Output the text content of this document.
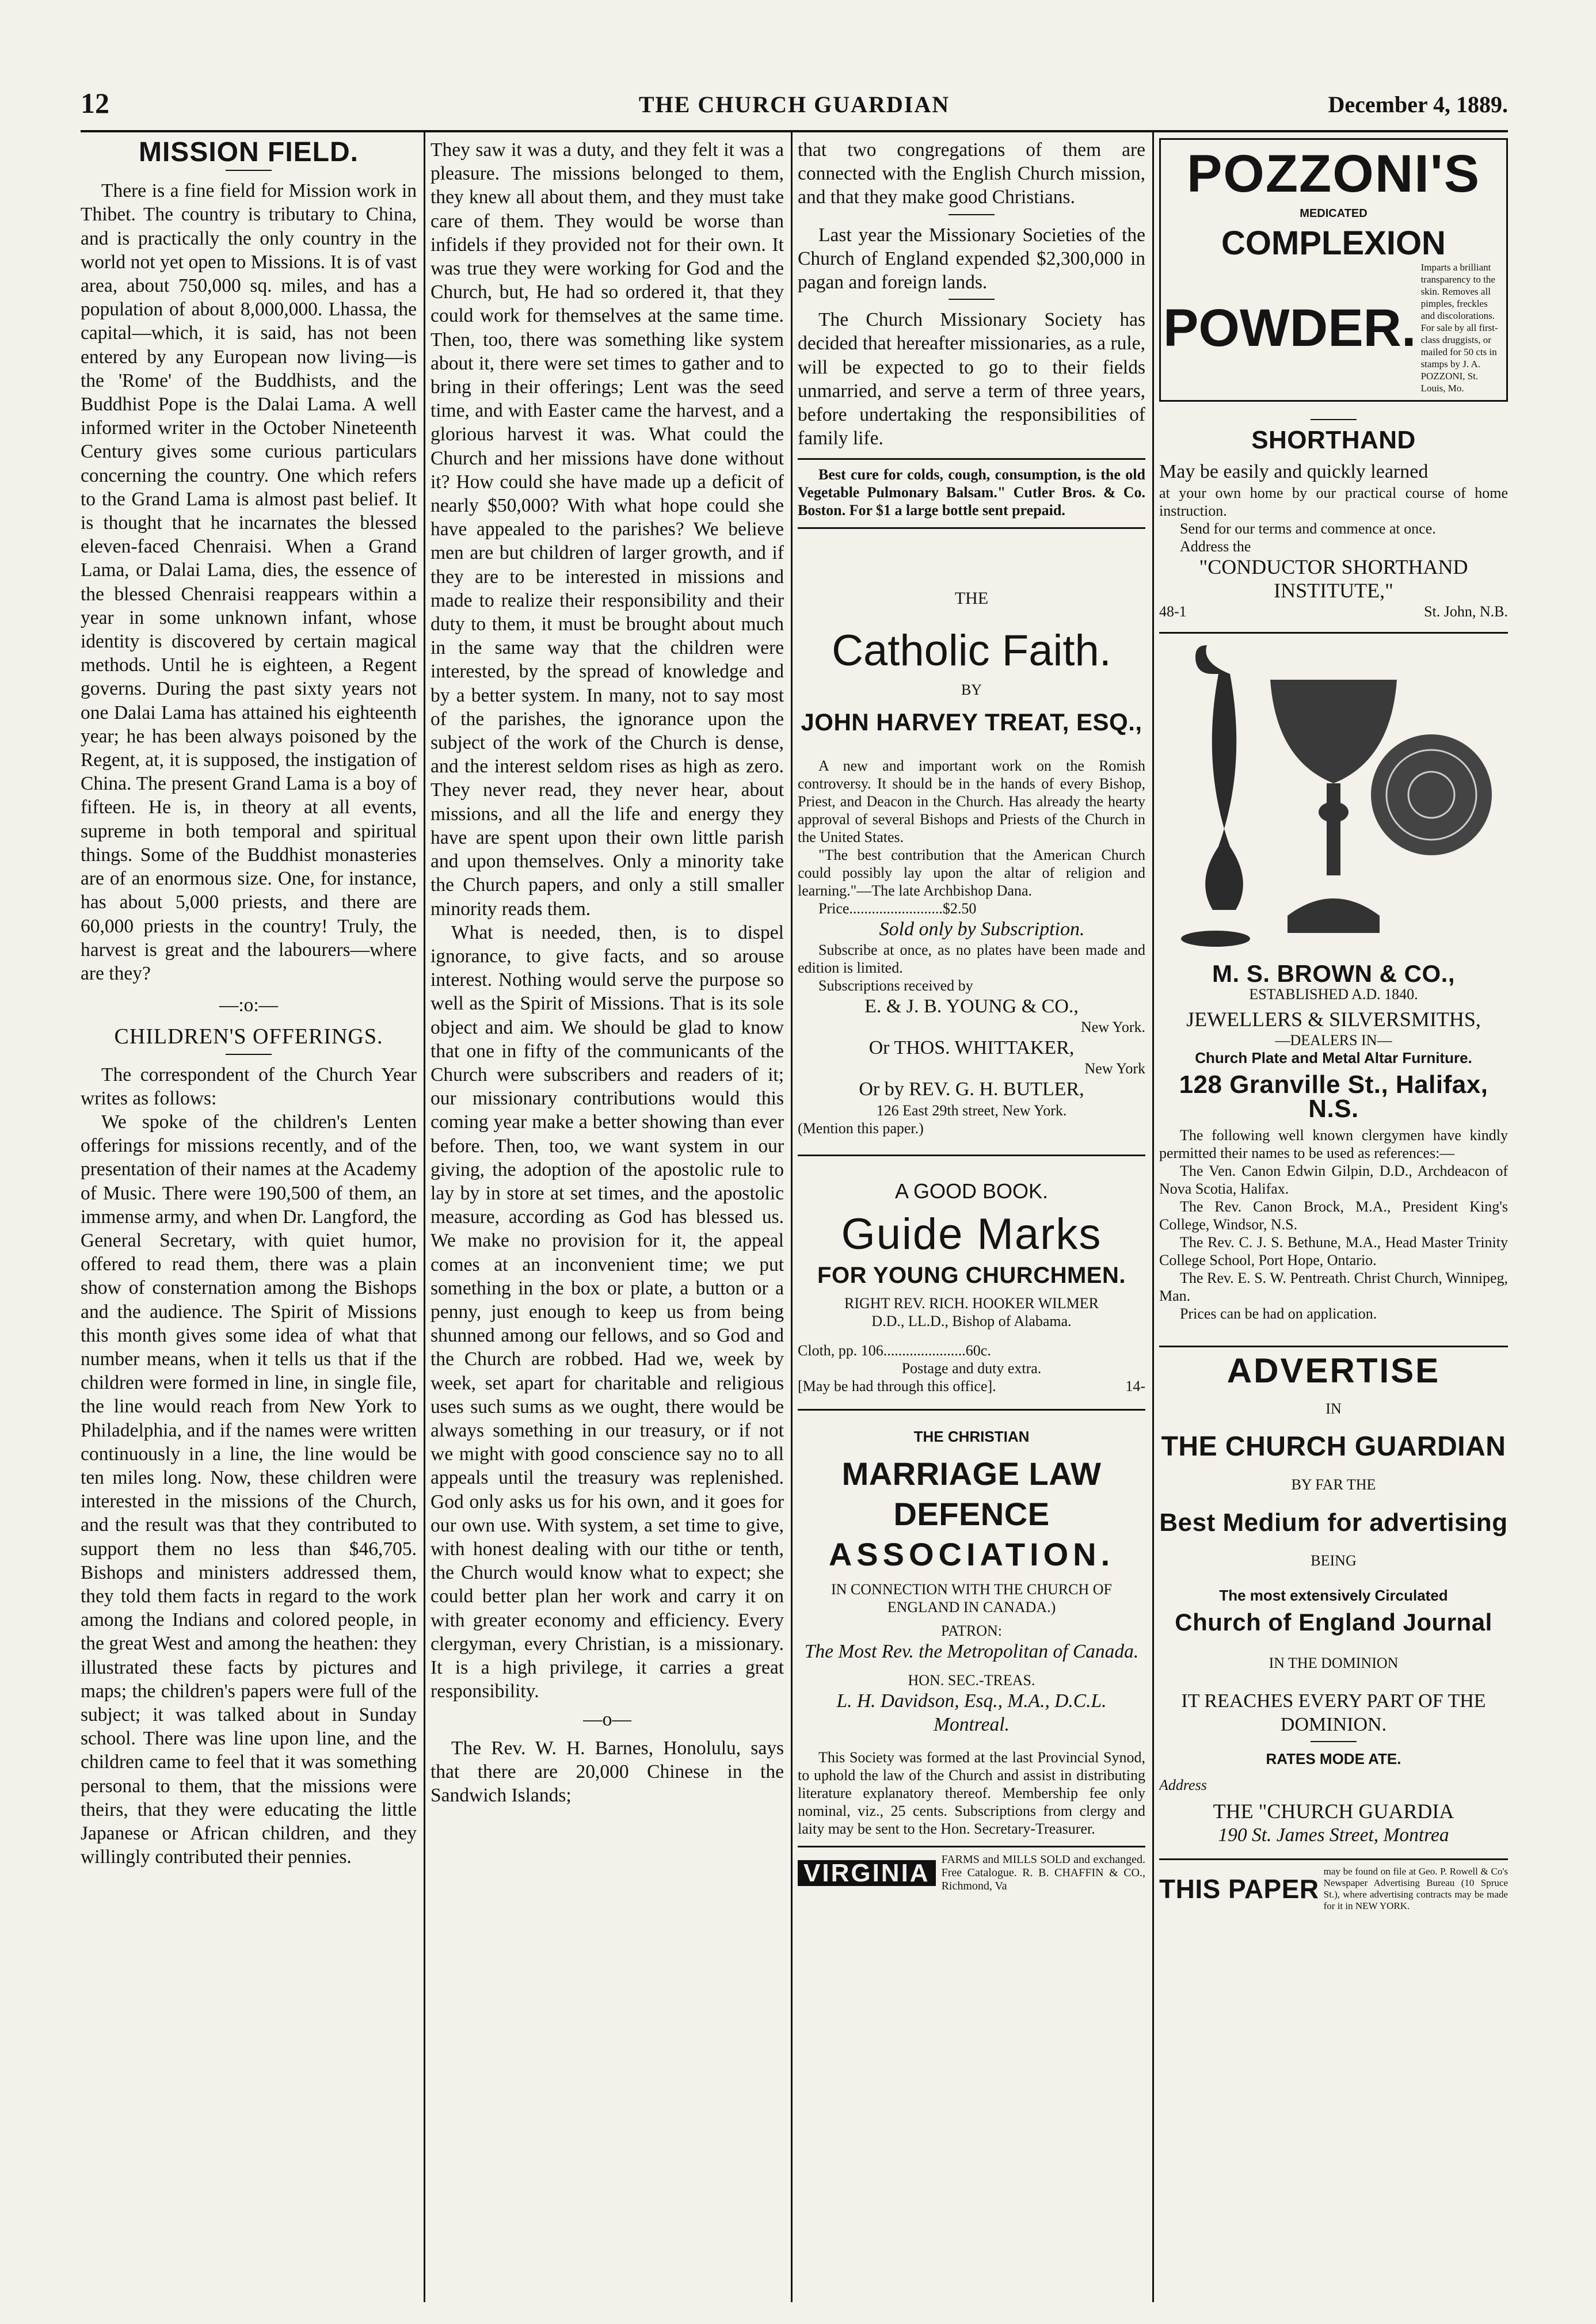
12	THE CHURCH GUARDIAN	December 4, 1889.
MISSION FIELD.

There is a fine field for Mission work in Thibet. The country is tributary to China, and is practically the only country in the world not yet open to Missions. It is of vast area, about 750,000 sq. miles, and has a population of about 8,000,000. Lhassa, the capital—which, it is said, has not been entered by any European now living—is the 'Rome' of the Buddhists, and the Buddhist Pope is the Dalai Lama. A well informed writer in the October Nineteenth Century gives some curious particulars concerning the country. One which refers to the Grand Lama is almost past belief. It is thought that he incarnates the blessed eleven-faced Chenraisi. When a Grand Lama, or Dalai Lama, dies, the essence of the blessed Chenraisi reappears within a year in some unknown infant, whose identity is discovered by certain magical methods. Until he is eighteen, a Regent governs. During the past sixty years not one Dalai Lama has attained his eighteenth year; he has been always poisoned by the Regent, at, it is supposed, the instigation of China. The present Grand Lama is a boy of fifteen. He is, in theory at all events, supreme in both temporal and spiritual things. Some of the Buddhist monasteries are of an enormous size. One, for instance, has about 5,000 priests, and there are 60,000 priests in the country! Truly, the harvest is great and the labourers—where are they?

—:o:—
CHILDREN'S OFFERINGS.

The correspondent of the Church Year writes as follows:

We spoke of the children's Lenten offerings for missions recently, and of the presentation of their names at the Academy of Music. There were 190,500 of them, an immense army, and when Dr. Langford, the General Secretary, with quiet humor, offered to read them, there was a plain show of consternation among the Bishops and the audience. The Spirit of Missions this month gives some idea of what that number means, when it tells us that if the children were formed in line, in single file, the line would reach from New York to Philadelphia, and if the names were written continuously in a line, the line would be ten miles long. Now, these children were interested in the missions of the Church, and the result was that they contributed to support them no less than $46,705. Bishops and ministers addressed them, they told them facts in regard to the work among the Indians and colored people, in the great West and among the heathen: they illustrated these facts by pictures and maps; the children's papers were full of the subject; it was talked about in Sunday school. There was line upon line, and the children came to feel that it was something personal to them, that the missions were theirs, that they were educating the little Japanese or African children, and they willingly contributed their pennies.

They saw it was a duty, and they felt it was a pleasure. The missions belonged to them, they knew all about them, and they must take care of them. They would be worse than infidels if they provided not for their own. It was true they were working for God and the Church, but, He had so ordered it, that they could work for themselves at the same time. Then, too, there was something like system about it, there were set times to gather and to bring in their offerings; Lent was the seed time, and with Easter came the harvest, and a glorious harvest it was. What could the Church and her missions have done without it? How could she have made up a deficit of nearly $50,000? With what hope could she have appealed to the parishes? We believe men are but children of larger growth, and if they are to be interested in missions and made to realize their responsibility and their duty to them, it must be brought about much in the same way that the children were interested, by the spread of knowledge and by a better system. In many, not to say most of the parishes, the ignorance upon the subject of the work of the Church is dense, and the interest seldom rises as high as zero. They never read, they never hear, about missions, and all the life and energy they have are spent upon their own little parish and upon themselves. Only a minority take the Church papers, and only a still smaller minority reads them.

What is needed, then, is to dispel ignorance, to give facts, and so arouse interest. Nothing would serve the purpose so well as the Spirit of Missions. That is its sole object and aim. We should be glad to know that one in fifty of the communicants of the Church were subscribers and readers of it; our missionary contributions would this coming year make a better showing than ever before. Then, too, we want system in our giving, the adoption of the apostolic rule to lay by in store at set times, and the apostolic measure, according as God has blessed us. We make no provision for it, the appeal comes at an inconvenient time; we put something in the box or plate, a button or a penny, just enough to keep us from being shunned among our fellows, and so God and the Church are robbed. Had we, week by week, set apart for charitable and religious uses such sums as we ought, there would be always something in our treasury, or if not we might with good conscience say no to all appeals until the treasury was replenished. God only asks us for his own, and it goes for our own use. With system, a set time to give, with honest dealing with our tithe or tenth, the Church would know what to expect; she could better plan her work and carry it on with greater economy and efficiency. Every clergyman, every Christian, is a missionary. It is a high privilege, it carries a great responsibility.

—o—

The Rev. W. H. Barnes, Honolulu, says that there are 20,000 Chinese in the Sandwich Islands;

that two congregations of them are connected with the English Church mission, and that they make good Christians.

Last year the Missionary Societies of the Church of England expended $2,300,000 in pagan and foreign lands.

The Church Missionary Society has decided that hereafter missionaries, as a rule, will be expected to go to their fields unmarried, and serve a term of three years, before undertaking the responsibilities of family life.

Best cure for colds, cough, consumption, is the old Vegetable Pulmonary Balsam." Cutler Bros. & Co. Boston. For $1 a large bottle sent prepaid.

THE
Catholic Faith.
BY
JOHN HARVEY TREAT, ESQ.,

A new and important work on the Romish controversy. It should be in the hands of every Bishop, Priest, and Deacon in the Church. Has already the hearty approval of several Bishops and Priests of the Church in the United States.

"The best contribution that the American Church could possibly lay upon the altar of religion and learning."—The late Archbishop Dana.

Price.........................$2.50

Sold only by Subscription.

Subscribe at once, as no plates have been made and edition is limited.

Subscriptions received by

E. & J. B. YOUNG & CO.,
New York.
Or THOS. WHITTAKER,
New York
Or by REV. G. H. BUTLER,
126 East 29th street, New York.
(Mention this paper.)
A GOOD BOOK.
Guide Marks
FOR YOUNG CHURCHMEN.
RIGHT REV. RICH. HOOKER WILMER
D.D., LL.D., Bishop of Alabama.
Cloth, pp. 106......................60c.
Postage and duty extra.
[May be had through this office].	14-
THE CHRISTIAN
MARRIAGE LAW DEFENCE
ASSOCIATION.
IN CONNECTION WITH THE CHURCH OF ENGLAND IN CANADA.)
PATRON:
The Most Rev. the Metropolitan of Canada.
HON. SEC.-TREAS.
L. H. Davidson, Esq., M.A., D.C.L. Montreal.

This Society was formed at the last Provincial Synod, to uphold the law of the Church and assist in distributing literature explanatory thereof. Membership fee only nominal, viz., 25 cents. Subscriptions from clergy and laity may be sent to the Hon. Secretary-Treasurer.

VIRGINIA	FARMS and MILLS SOLD and exchanged. Free Catalogue. R. B. CHAFFIN & CO., Richmond, Va
POZZONI'S
MEDICATED
COMPLEXION
POWDER.
Imparts a brilliant transparency to the skin. Removes all pimples, freckles and discolorations. For sale by all first-class druggists, or mailed for 50 cts in stamps by J. A. POZZONI, St. Louis, Mo.
SHORTHAND

May be easily and quickly learned

at your own home by our practical course of home instruction.

Send for our terms and commence at once.

Address the

"CONDUCTOR SHORTHAND INSTITUTE,"
48-1	St. John, N.B.
M. S. BROWN & CO.,
ESTABLISHED A.D. 1840.
JEWELLERS & SILVERSMITHS,
—DEALERS IN—
Church Plate and Metal Altar Furniture.
128 Granville St., Halifax, N.S.

The following well known clergymen have kindly permitted their names to be used as references:—

The Ven. Canon Edwin Gilpin, D.D., Archdeacon of Nova Scotia, Halifax.

The Rev. Canon Brock, M.A., President King's College, Windsor, N.S.

The Rev. C. J. S. Bethune, M.A., Head Master Trinity College School, Port Hope, Ontario.

The Rev. E. S. W. Pentreath. Christ Church, Winnipeg, Man.

Prices can be had on application.

ADVERTISE
IN
THE CHURCH GUARDIAN
BY FAR THE
Best Medium for advertising
BEING
The most extensively Circulated
Church of England Journal
IN THE DOMINION
IT REACHES EVERY PART OF THE DOMINION.
RATES MODE ATE.
Address
THE "CHURCH GUARDIA
190 St. James Street, Montrea
THIS PAPER
may be found on file at Geo. P. Rowell & Co's Newspaper Advertising Bureau (10 Spruce St.), where advertising contracts may be made for it in NEW YORK.
